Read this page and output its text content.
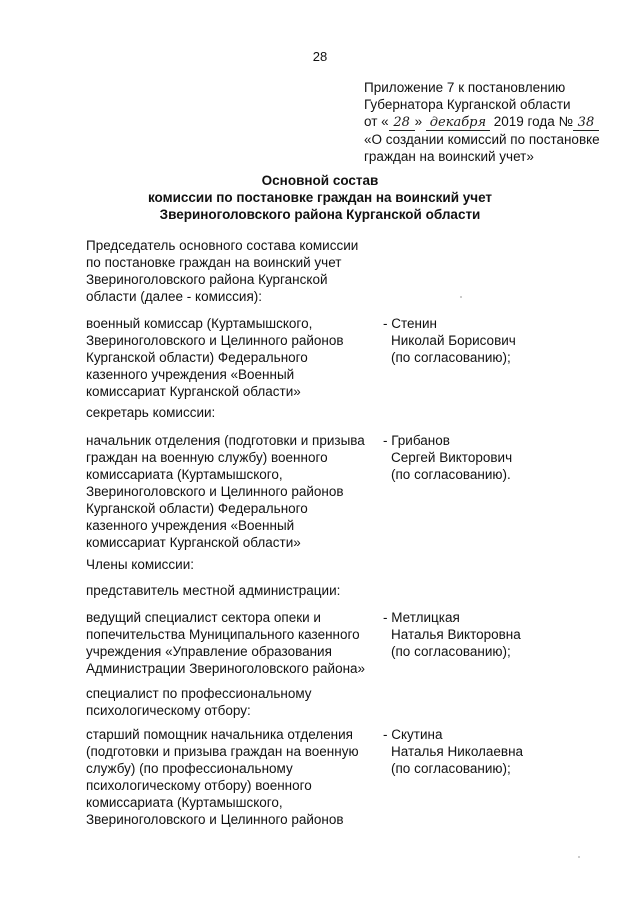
28
Приложение 7 к постановлению
Губернатора Курганской области
от « 28 » декабря 2019 года № 38
«О создании комиссий по постановке
граждан на воинский учет»
Основной состав
комиссии по постановке граждан на воинский учет
Звериноголовского района Курганской области
Председатель основного состава комиссии
по постановке граждан на воинский учет
Звериноголовского района Курганской
области (далее - комиссия):
военный комиссар (Куртамышского,
Звериноголовского и Целинного районов
Курганской области) Федерального
казенного учреждения «Военный
комиссариат Курганской области»
- Стенин
Николай Борисович
(по согласованию);
секретарь комиссии:
начальник отделения (подготовки и призыва
граждан на военную службу) военного
комиссариата (Куртамышского,
Звериноголовского и Целинного районов
Курганской области) Федерального
казенного учреждения «Военный
комиссариат Курганской области»
- Грибанов
Сергей Викторович
(по согласованию).
Члены комиссии:
представитель местной администрации:
ведущий специалист сектора опеки и
попечительства Муниципального казенного
учреждения «Управление образования
Администрации Звериноголовского района»
- Метлицкая
Наталья Викторовна
(по согласованию);
специалист по профессиональному
психологическому отбору:
старший помощник начальника отделения
(подготовки и призыва граждан на военную
службу) (по профессиональному
психологическому отбору) военного
комиссариата (Куртамышского,
Звериноголовского и Целинного районов
- Скутина
Наталья Николаевна
(по согласованию);
